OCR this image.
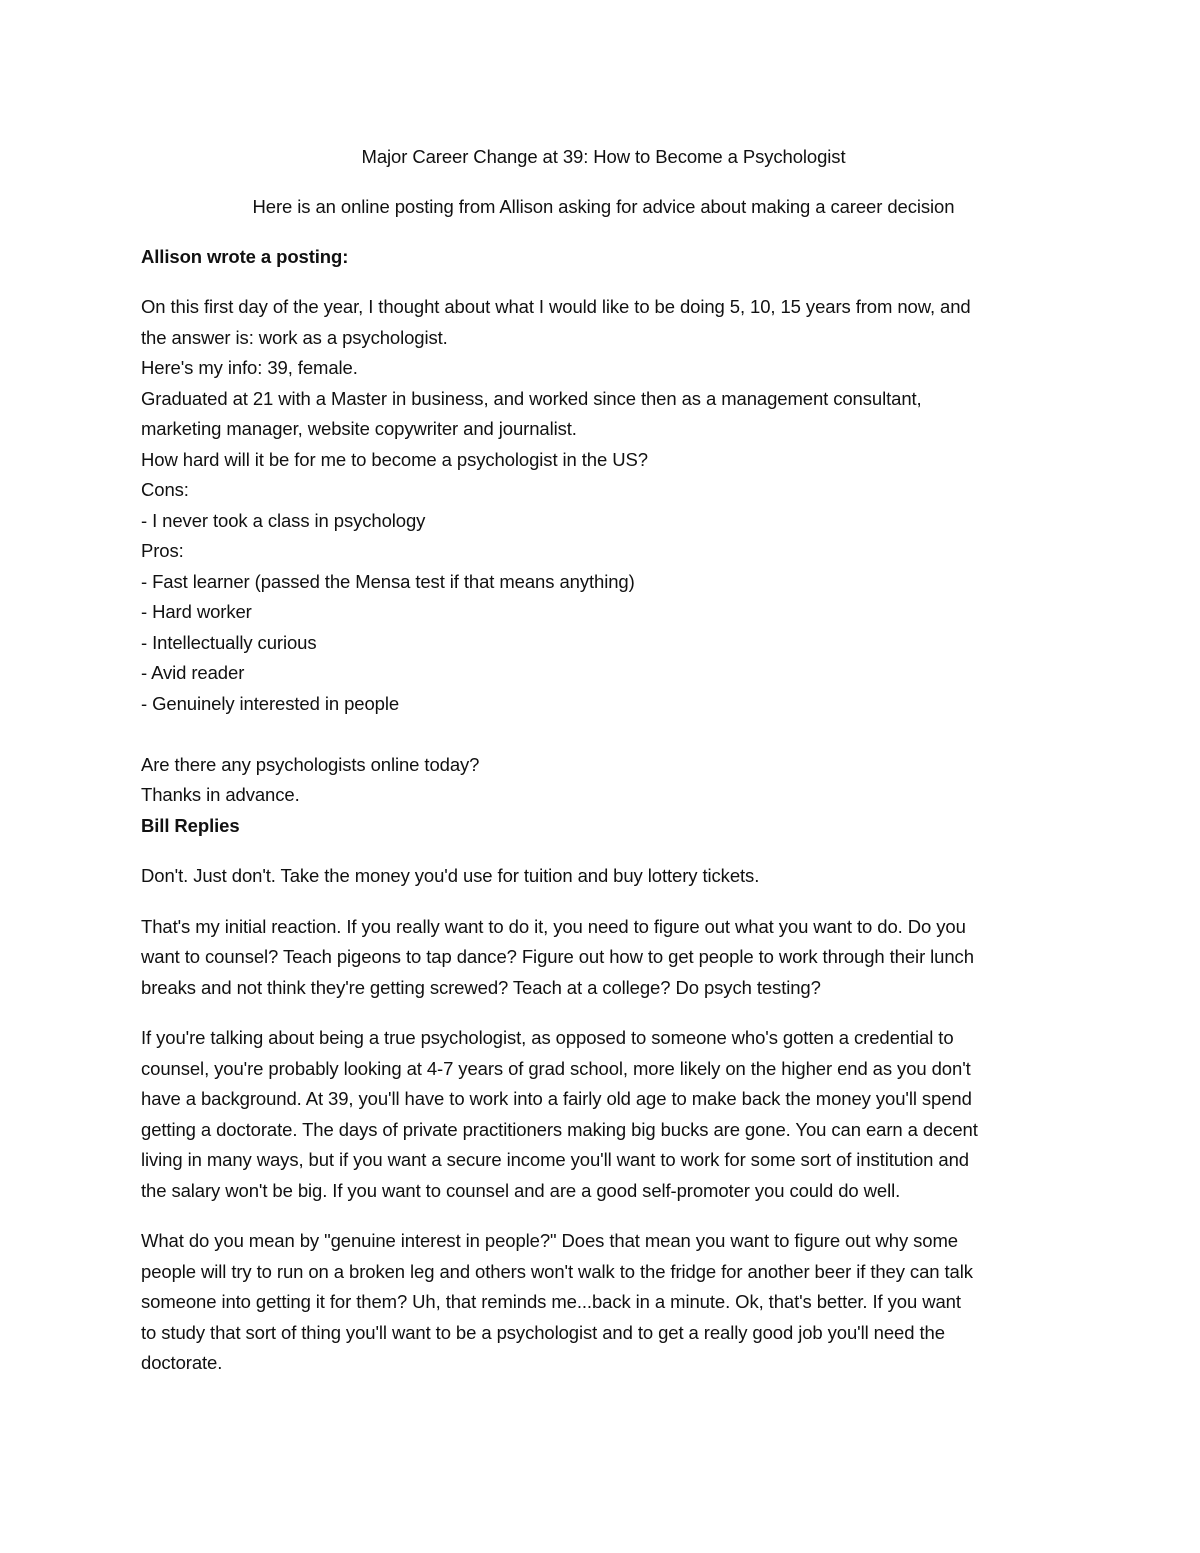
Major Career Change at 39: How to Become a Psychologist

Here is an online posting from Allison asking for advice about making a career decision

Allison wrote a posting:

On this first day of the year, I thought about what I would like to be doing 5, 10, 15 years from now, and
the answer is: work as a psychologist.
Here's my info: 39, female.
Graduated at 21 with a Master in business, and worked since then as a management consultant,
marketing manager, website copywriter and journalist.
How hard will it be for me to become a psychologist in the US?
Cons:
- I never took a class in psychology
Pros:
- Fast learner (passed the Mensa test if that means anything)
- Hard worker
- Intellectually curious
- Avid reader
- Genuinely interested in people
Are there any psychologists online today?
Thanks in advance.

Bill Replies

Don't. Just don't. Take the money you'd use for tuition and buy lottery tickets.
That's my initial reaction. If you really want to do it, you need to figure out what you want to do. Do you
want to counsel? Teach pigeons to tap dance? Figure out how to get people to work through their lunch
breaks and not think they're getting screwed? Teach at a college? Do psych testing?
If you're talking about being a true psychologist, as opposed to someone who's gotten a credential to
counsel, you're probably looking at 4-7 years of grad school, more likely on the higher end as you don't
have a background. At 39, you'll have to work into a fairly old age to make back the money you'll spend
getting a doctorate. The days of private practitioners making big bucks are gone. You can earn a decent
living in many ways, but if you want a secure income you'll want to work for some sort of institution and
the salary won't be big. If you want to counsel and are a good self-promoter you could do well.
What do you mean by "genuine interest in people?" Does that mean you want to figure out why some
people will try to run on a broken leg and others won't walk to the fridge for another beer if they can talk
someone into getting it for them? Uh, that reminds me...back in a minute. Ok, that's better. If you want
to study that sort of thing you'll want to be a psychologist and to get a really good job you'll need the
doctorate.
